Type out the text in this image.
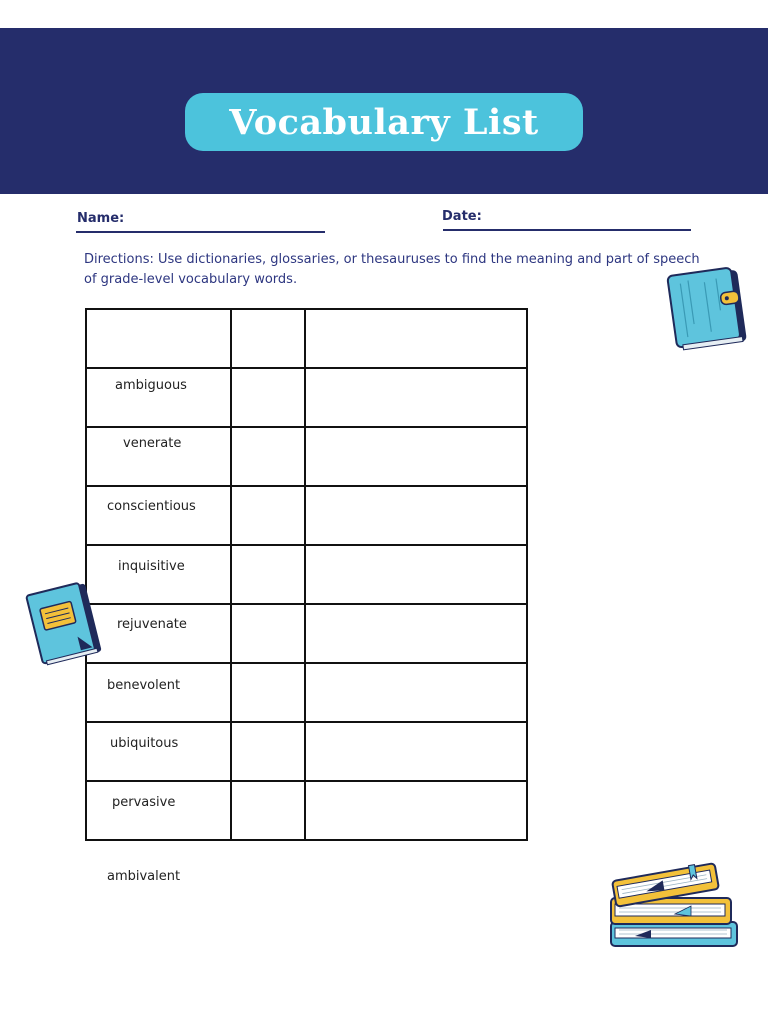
Vocabulary List
Name:	Date:
Directions: Use dictionaries, glossaries, or thesauruses to find the meaning and part of speech of grade-level vocabulary words.

ambiguous		

venerate		

conscientious		

inquisitive		

rejuvenate		

benevolent		

ubiquitous		

pervasive		

ambivalent
